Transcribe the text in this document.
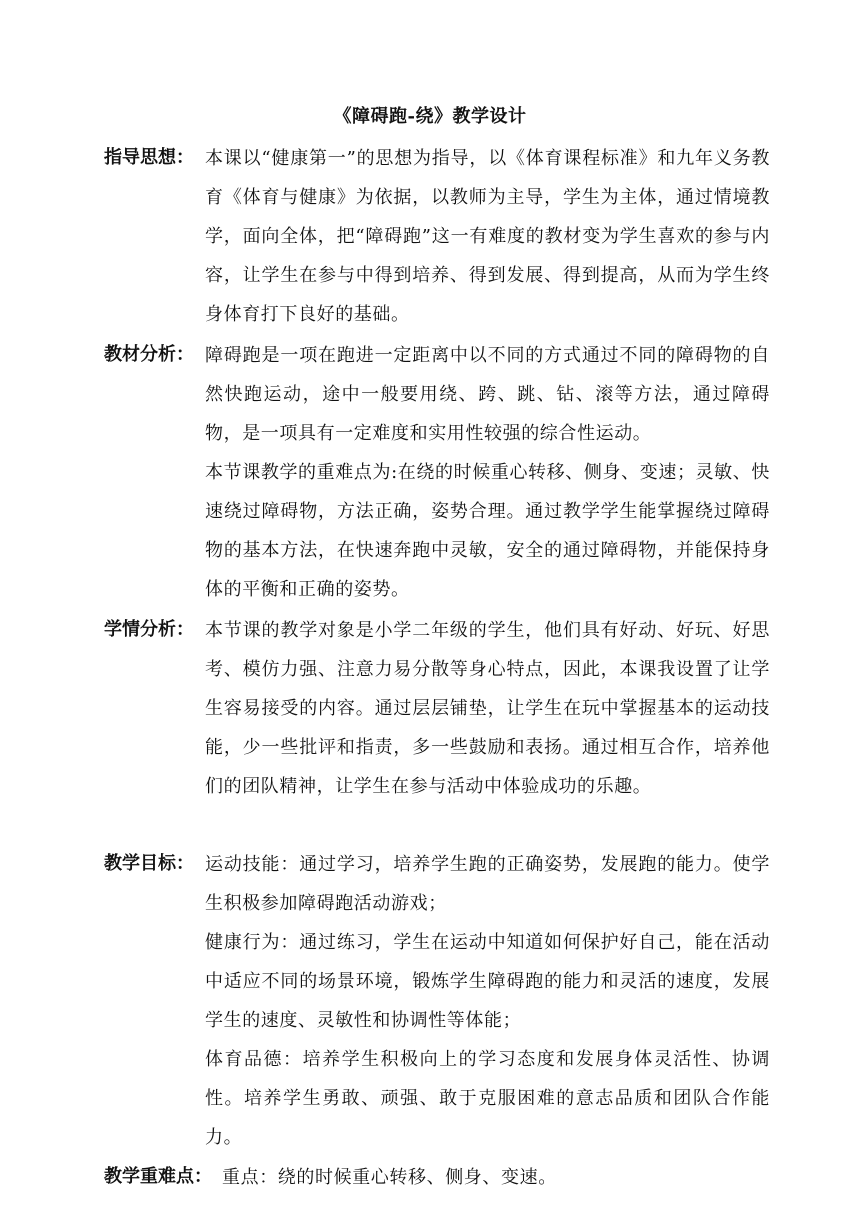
《障碍跑-绕》教学设计
指导思想： 本课以“健康第一”的思想为指导，以《体育课程标准》和九年义务教育《体育与健康》为依据，以教师为主导，学生为主体，通过情境教学，面向全体，把“障碍跑”这一有难度的教材变为学生喜欢的参与内容，让学生在参与中得到培养、得到发展、得到提高，从而为学生终身体育打下良好的基础。

教材分析： 障碍跑是一项在跑进一定距离中以不同的方式通过不同的障碍物的自然快跑运动，途中一般要用绕、跨、跳、钻、滚等方法，通过障碍物，是一项具有一定难度和实用性较强的综合性运动。

本节课教学的重难点为:在绕的时候重心转移、侧身、变速；灵敏、快速绕过障碍物，方法正确，姿势合理。通过教学学生能掌握绕过障碍物的基本方法，在快速奔跑中灵敏，安全的通过障碍物，并能保持身体的平衡和正确的姿势。

学情分析： 本节课的教学对象是小学二年级的学生，他们具有好动、好玩、好思考、模仿力强、注意力易分散等身心特点，因此，本课我设置了让学生容易接受的内容。通过层层铺垫，让学生在玩中掌握基本的运动技能，少一些批评和指责，多一些鼓励和表扬。通过相互合作，培养他们的团队精神，让学生在参与活动中体验成功的乐趣。

教学目标： 运动技能：通过学习，培养学生跑的正确姿势，发展跑的能力。使学生积极参加障碍跑活动游戏；

健康行为：通过练习，学生在运动中知道如何保护好自己，能在活动中适应不同的场景环境，锻炼学生障碍跑的能力和灵活的速度，发展学生的速度、灵敏性和协调性等体能；

体育品德：培养学生积极向上的学习态度和发展身体灵活性、协调性。培养学生勇敢、顽强、敢于克服困难的意志品质和团队合作能力。

教学重难点： 重点：绕的时候重心转移、侧身、变速。
